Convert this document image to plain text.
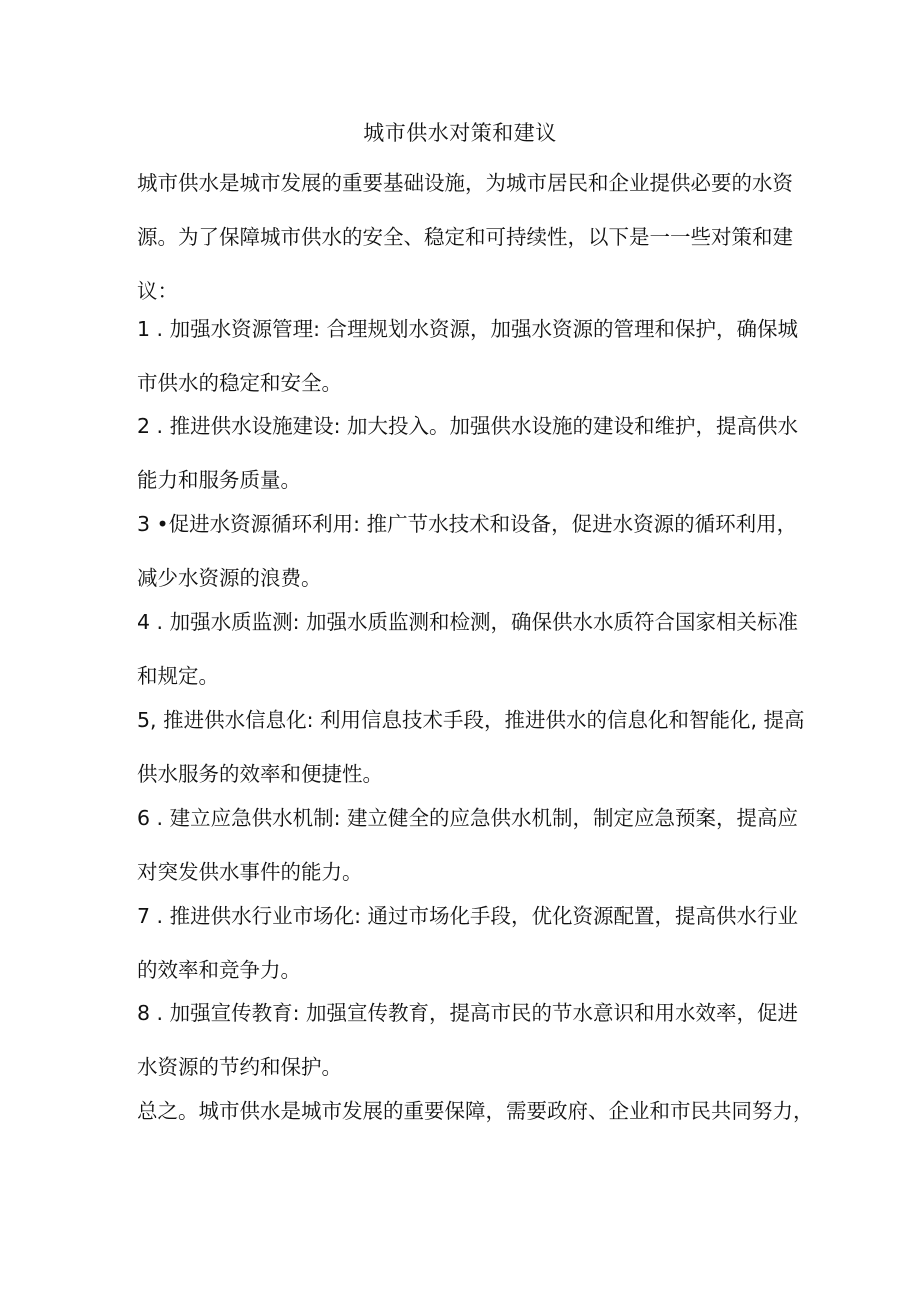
城市供水对策和建议

城市供水是城市发展的重要基础设施，为城市居民和企业提供必要的水资
源。为了保障城市供水的安全、稳定和可持续性，以下是一一些对策和建
议：

1 . 加强水资源管理: 合理规划水资源，加强水资源的管理和保护，确保城
市供水的稳定和安全。

2 . 推进供水设施建设: 加大投入。加强供水设施的建设和维护，提高供水
能力和服务质量。

3 •促进水资源循环利用: 推广节水技术和设备，促进水资源的循环利用，
减少水资源的浪费。

4 . 加强水质监测: 加强水质监测和检测，确保供水水质符合国家相关标准
和规定。

5, 推进供水信息化: 利用信息技术手段，推进供水的信息化和智能化, 提高
供水服务的效率和便捷性。

6 . 建立应急供水机制: 建立健全的应急供水机制，制定应急预案，提高应
对突发供水事件的能力。

7 . 推进供水行业市场化: 通过市场化手段，优化资源配置，提高供水行业
的效率和竞争力。

8 . 加强宣传教育: 加强宣传教育，提高市民的节水意识和用水效率，促进
水资源的节约和保护。

总之。城市供水是城市发展的重要保障，需要政府、企业和市民共同努力，
